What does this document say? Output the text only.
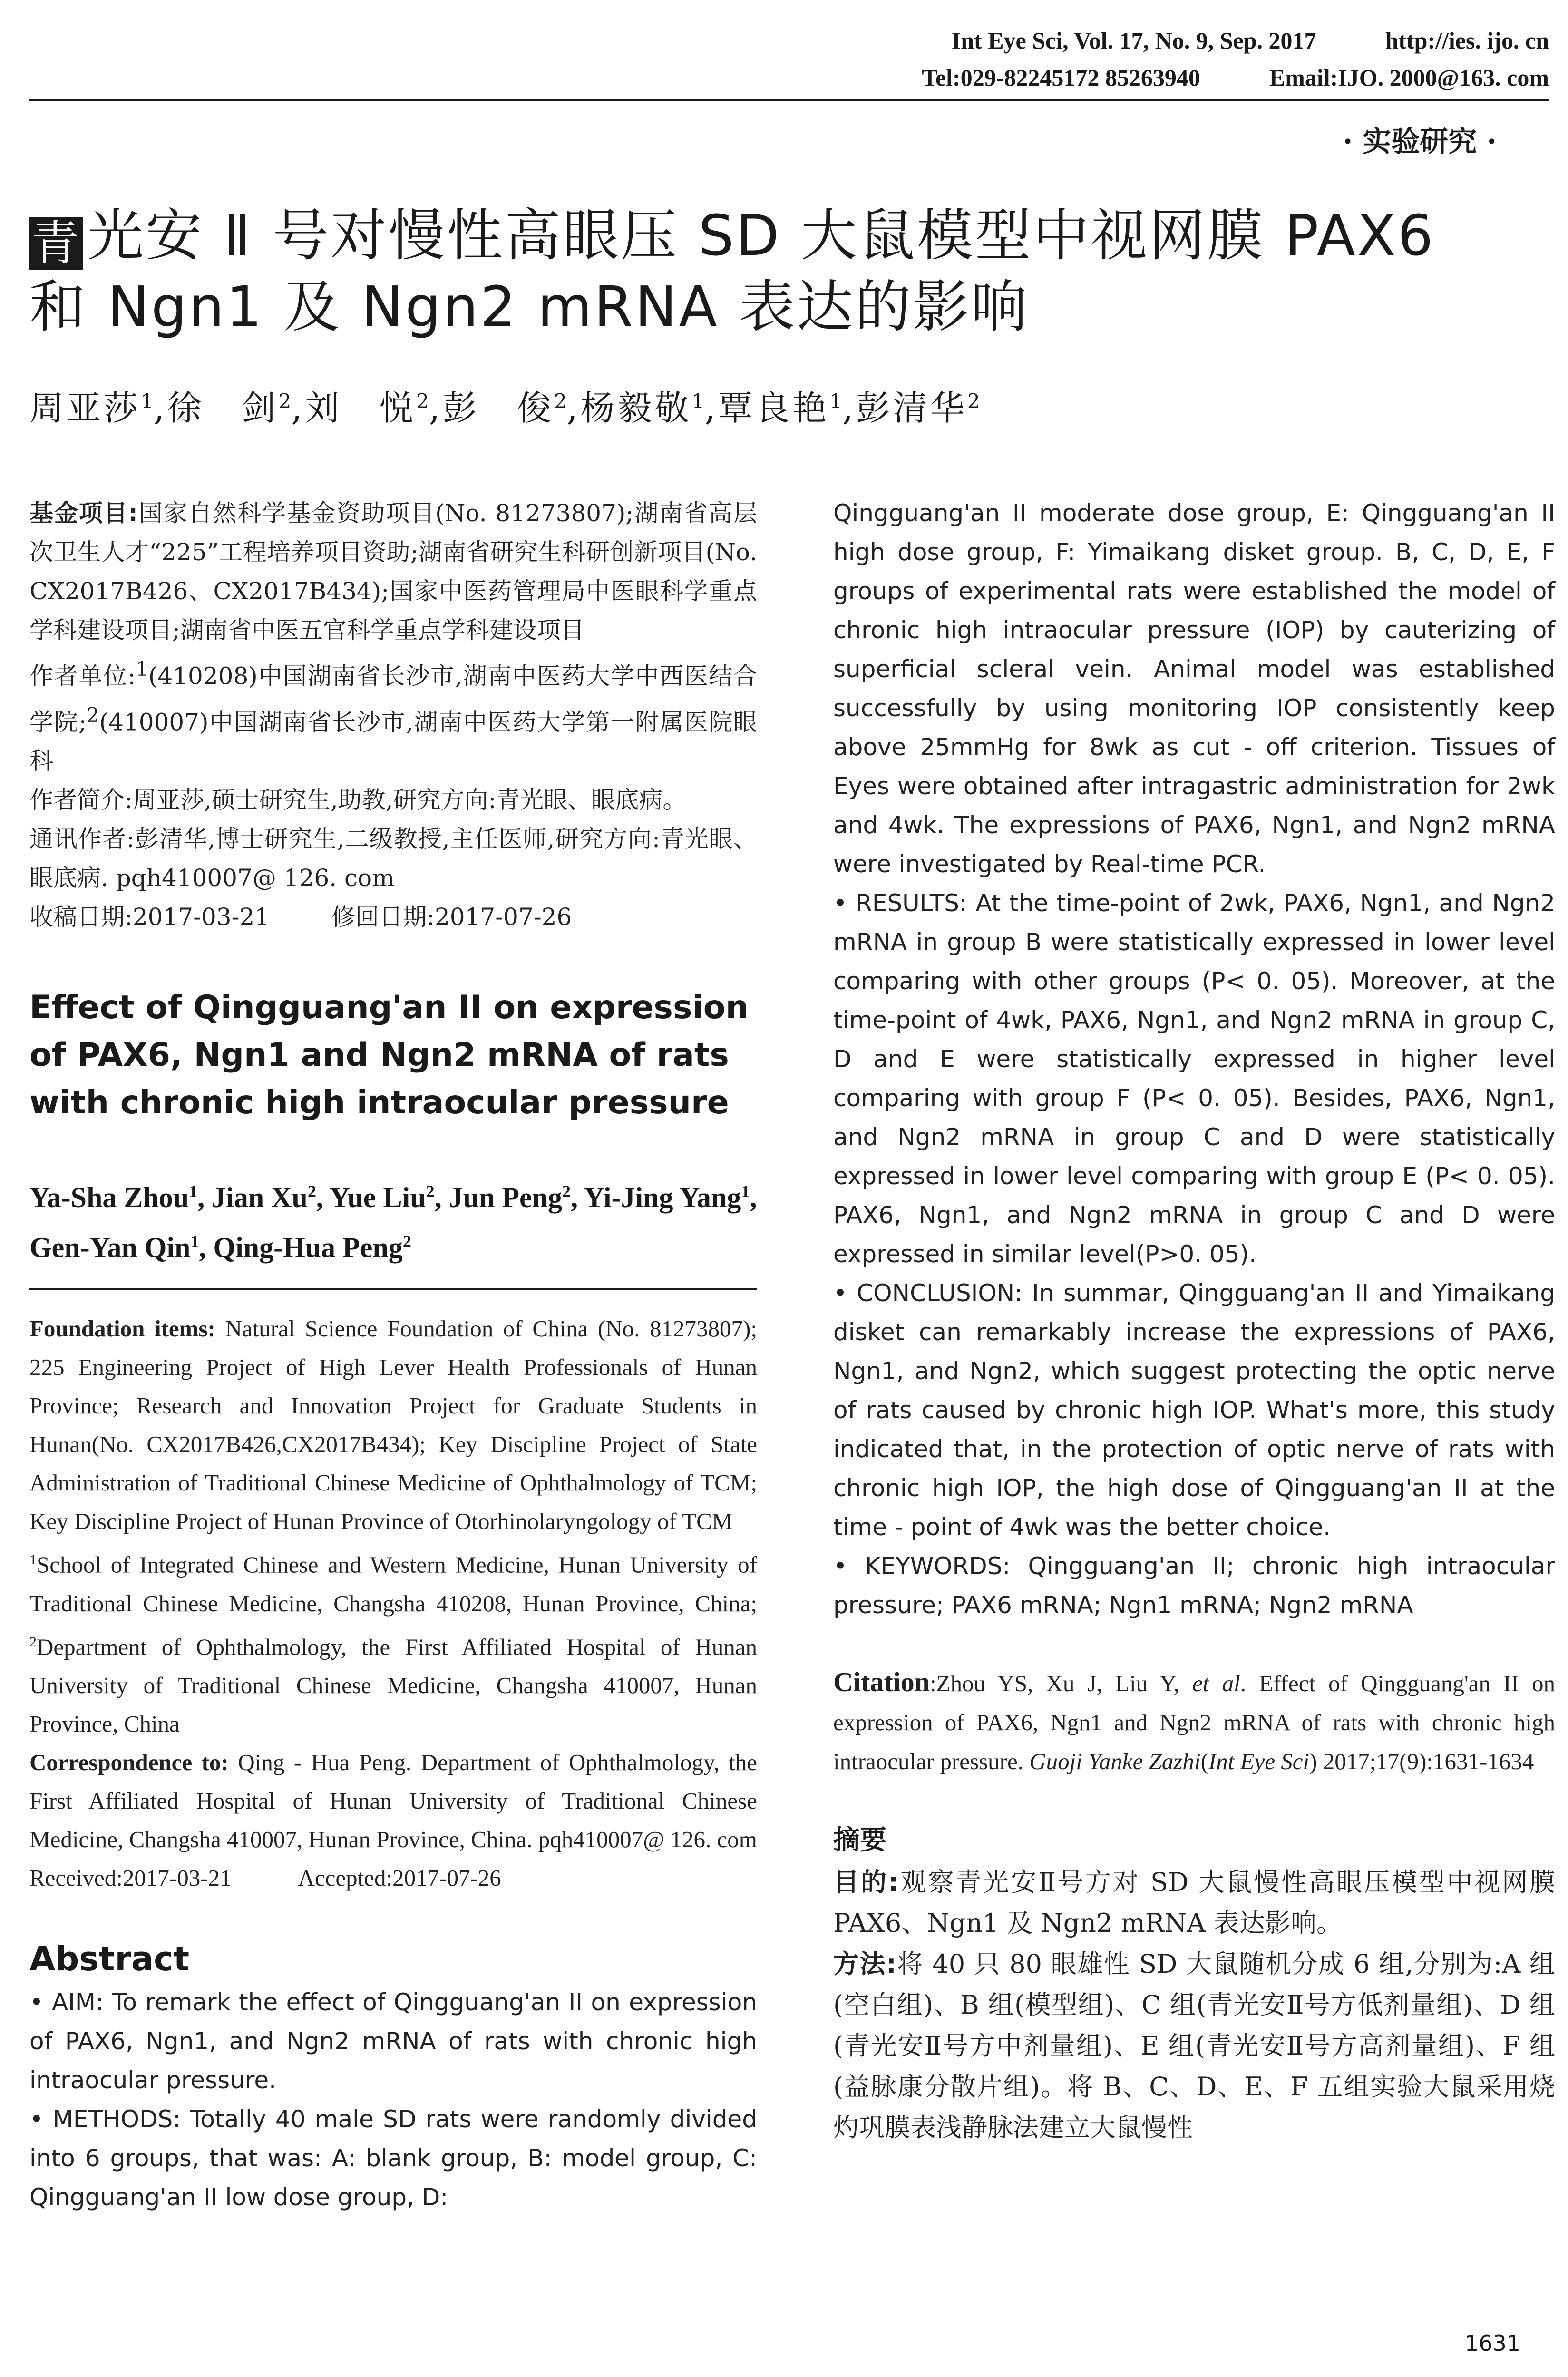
Int Eye Sci, Vol. 17, No. 9, Sep. 2017	http://ies. ijo. cn
Tel:029-82245172 85263940	Email:IJO. 2000@163. com
· 实验研究 ·
青 光安 Ⅱ 号对慢性高眼压 SD 大鼠模型中视网膜 PAX6
和 Ngn1 及 Ngn2 mRNA 表达的影响
周亚莎$^1$,徐　剑$^2$,刘　悦$^2$,彭　俊$^2$,杨毅敬$^1$,覃良艳$^1$,彭清华$^2$

基金项目:国家自然科学基金资助项目(No. 81273807);湖南省高层次卫生人才“225”工程培养项目资助;湖南省研究生科研创新项目(No. CX2017B426、CX2017B434);国家中医药管理局中医眼科学重点学科建设项目;湖南省中医五官科学重点学科建设项目

作者单位:$^1$(410208)中国湖南省长沙市,湖南中医药大学中西医结合学院;$^2$(410007)中国湖南省长沙市,湖南中医药大学第一附属医院眼科

作者简介:周亚莎,硕士研究生,助教,研究方向:青光眼、眼底病。

通讯作者:彭清华,博士研究生,二级教授,主任医师,研究方向:青光眼、眼底病. pqh410007@ 126. com

收稿日期:2017-03-21	修回日期:2017-07-26

Effect of Qingguang'an II on expression of PAX6, Ngn1 and Ngn2 mRNA of rats with chronic high intraocular pressure
Ya-Sha Zhou$^1$, Jian Xu$^2$, Yue Liu$^2$, Jun Peng$^2$, Yi-Jing Yang$^1$, Gen-Yan Qin$^1$, Qing-Hua Peng$^2$

Foundation items: Natural Science Foundation of China (No. 81273807); 225 Engineering Project of High Lever Health Professionals of Hunan Province; Research and Innovation Project for Graduate Students in Hunan(No. CX2017B426,CX2017B434); Key Discipline Project of State Administration of Traditional Chinese Medicine of Ophthalmology of TCM; Key Discipline Project of Hunan Province of Otorhinolaryngology of TCM

$^1$School of Integrated Chinese and Western Medicine, Hunan University of Traditional Chinese Medicine, Changsha 410208, Hunan Province, China; $^2$Department of Ophthalmology, the First Affiliated Hospital of Hunan University of Traditional Chinese Medicine, Changsha 410007, Hunan Province, China

Correspondence to: Qing - Hua Peng. Department of Ophthalmology, the First Affiliated Hospital of Hunan University of Traditional Chinese Medicine, Changsha 410007, Hunan Province, China. pqh410007@ 126. com

Received:2017-03-21	Accepted:2017-07-26

Abstract

• AIM: To remark the effect of Qingguang'an II on expression of PAX6, Ngn1, and Ngn2 mRNA of rats with chronic high intraocular pressure.

• METHODS: Totally 40 male SD rats were randomly divided into 6 groups, that was: A: blank group, B: model group, C: Qingguang'an II low dose group, D:

Qingguang'an II moderate dose group, E: Qingguang'an II high dose group, F: Yimaikang disket group. B, C, D, E, F groups of experimental rats were established the model of chronic high intraocular pressure (IOP) by cauterizing of superficial scleral vein. Animal model was established successfully by using monitoring IOP consistently keep above 25mmHg for 8wk as cut - off criterion. Tissues of Eyes were obtained after intragastric administration for 2wk and 4wk. The expressions of PAX6, Ngn1, and Ngn2 mRNA were investigated by Real-time PCR.

• RESULTS: At the time-point of 2wk, PAX6, Ngn1, and Ngn2 mRNA in group B were statistically expressed in lower level comparing with other groups (P< 0. 05). Moreover, at the time-point of 4wk, PAX6, Ngn1, and Ngn2 mRNA in group C, D and E were statistically expressed in higher level comparing with group F (P< 0. 05). Besides, PAX6, Ngn1, and Ngn2 mRNA in group C and D were statistically expressed in lower level comparing with group E (P< 0. 05). PAX6, Ngn1, and Ngn2 mRNA in group C and D were expressed in similar level(P>0. 05).

• CONCLUSION: In summar, Qingguang'an II and Yimaikang disket can remarkably increase the expressions of PAX6, Ngn1, and Ngn2, which suggest protecting the optic nerve of rats caused by chronic high IOP. What's more, this study indicated that, in the protection of optic nerve of rats with chronic high IOP, the high dose of Qingguang'an II at the time - point of 4wk was the better choice.

• KEYWORDS: Qingguang'an II; chronic high intraocular pressure; PAX6 mRNA; Ngn1 mRNA; Ngn2 mRNA

Citation:Zhou YS, Xu J, Liu Y, et al. Effect of Qingguang'an II on expression of PAX6, Ngn1 and Ngn2 mRNA of rats with chronic high intraocular pressure. Guoji Yanke Zazhi(Int Eye Sci) 2017;17(9):1631-1634
摘要

目的:观察青光安Ⅱ号方对 SD 大鼠慢性高眼压模型中视网膜 PAX6、Ngn1 及 Ngn2 mRNA 表达影响。

方法:将 40 只 80 眼雄性 SD 大鼠随机分成 6 组,分别为:A 组(空白组)、B 组(模型组)、C 组(青光安Ⅱ号方低剂量组)、D 组(青光安Ⅱ号方中剂量组)、E 组(青光安Ⅱ号方高剂量组)、F 组(益脉康分散片组)。将 B、C、D、E、F 五组实验大鼠采用烧灼巩膜表浅静脉法建立大鼠慢性

1631
